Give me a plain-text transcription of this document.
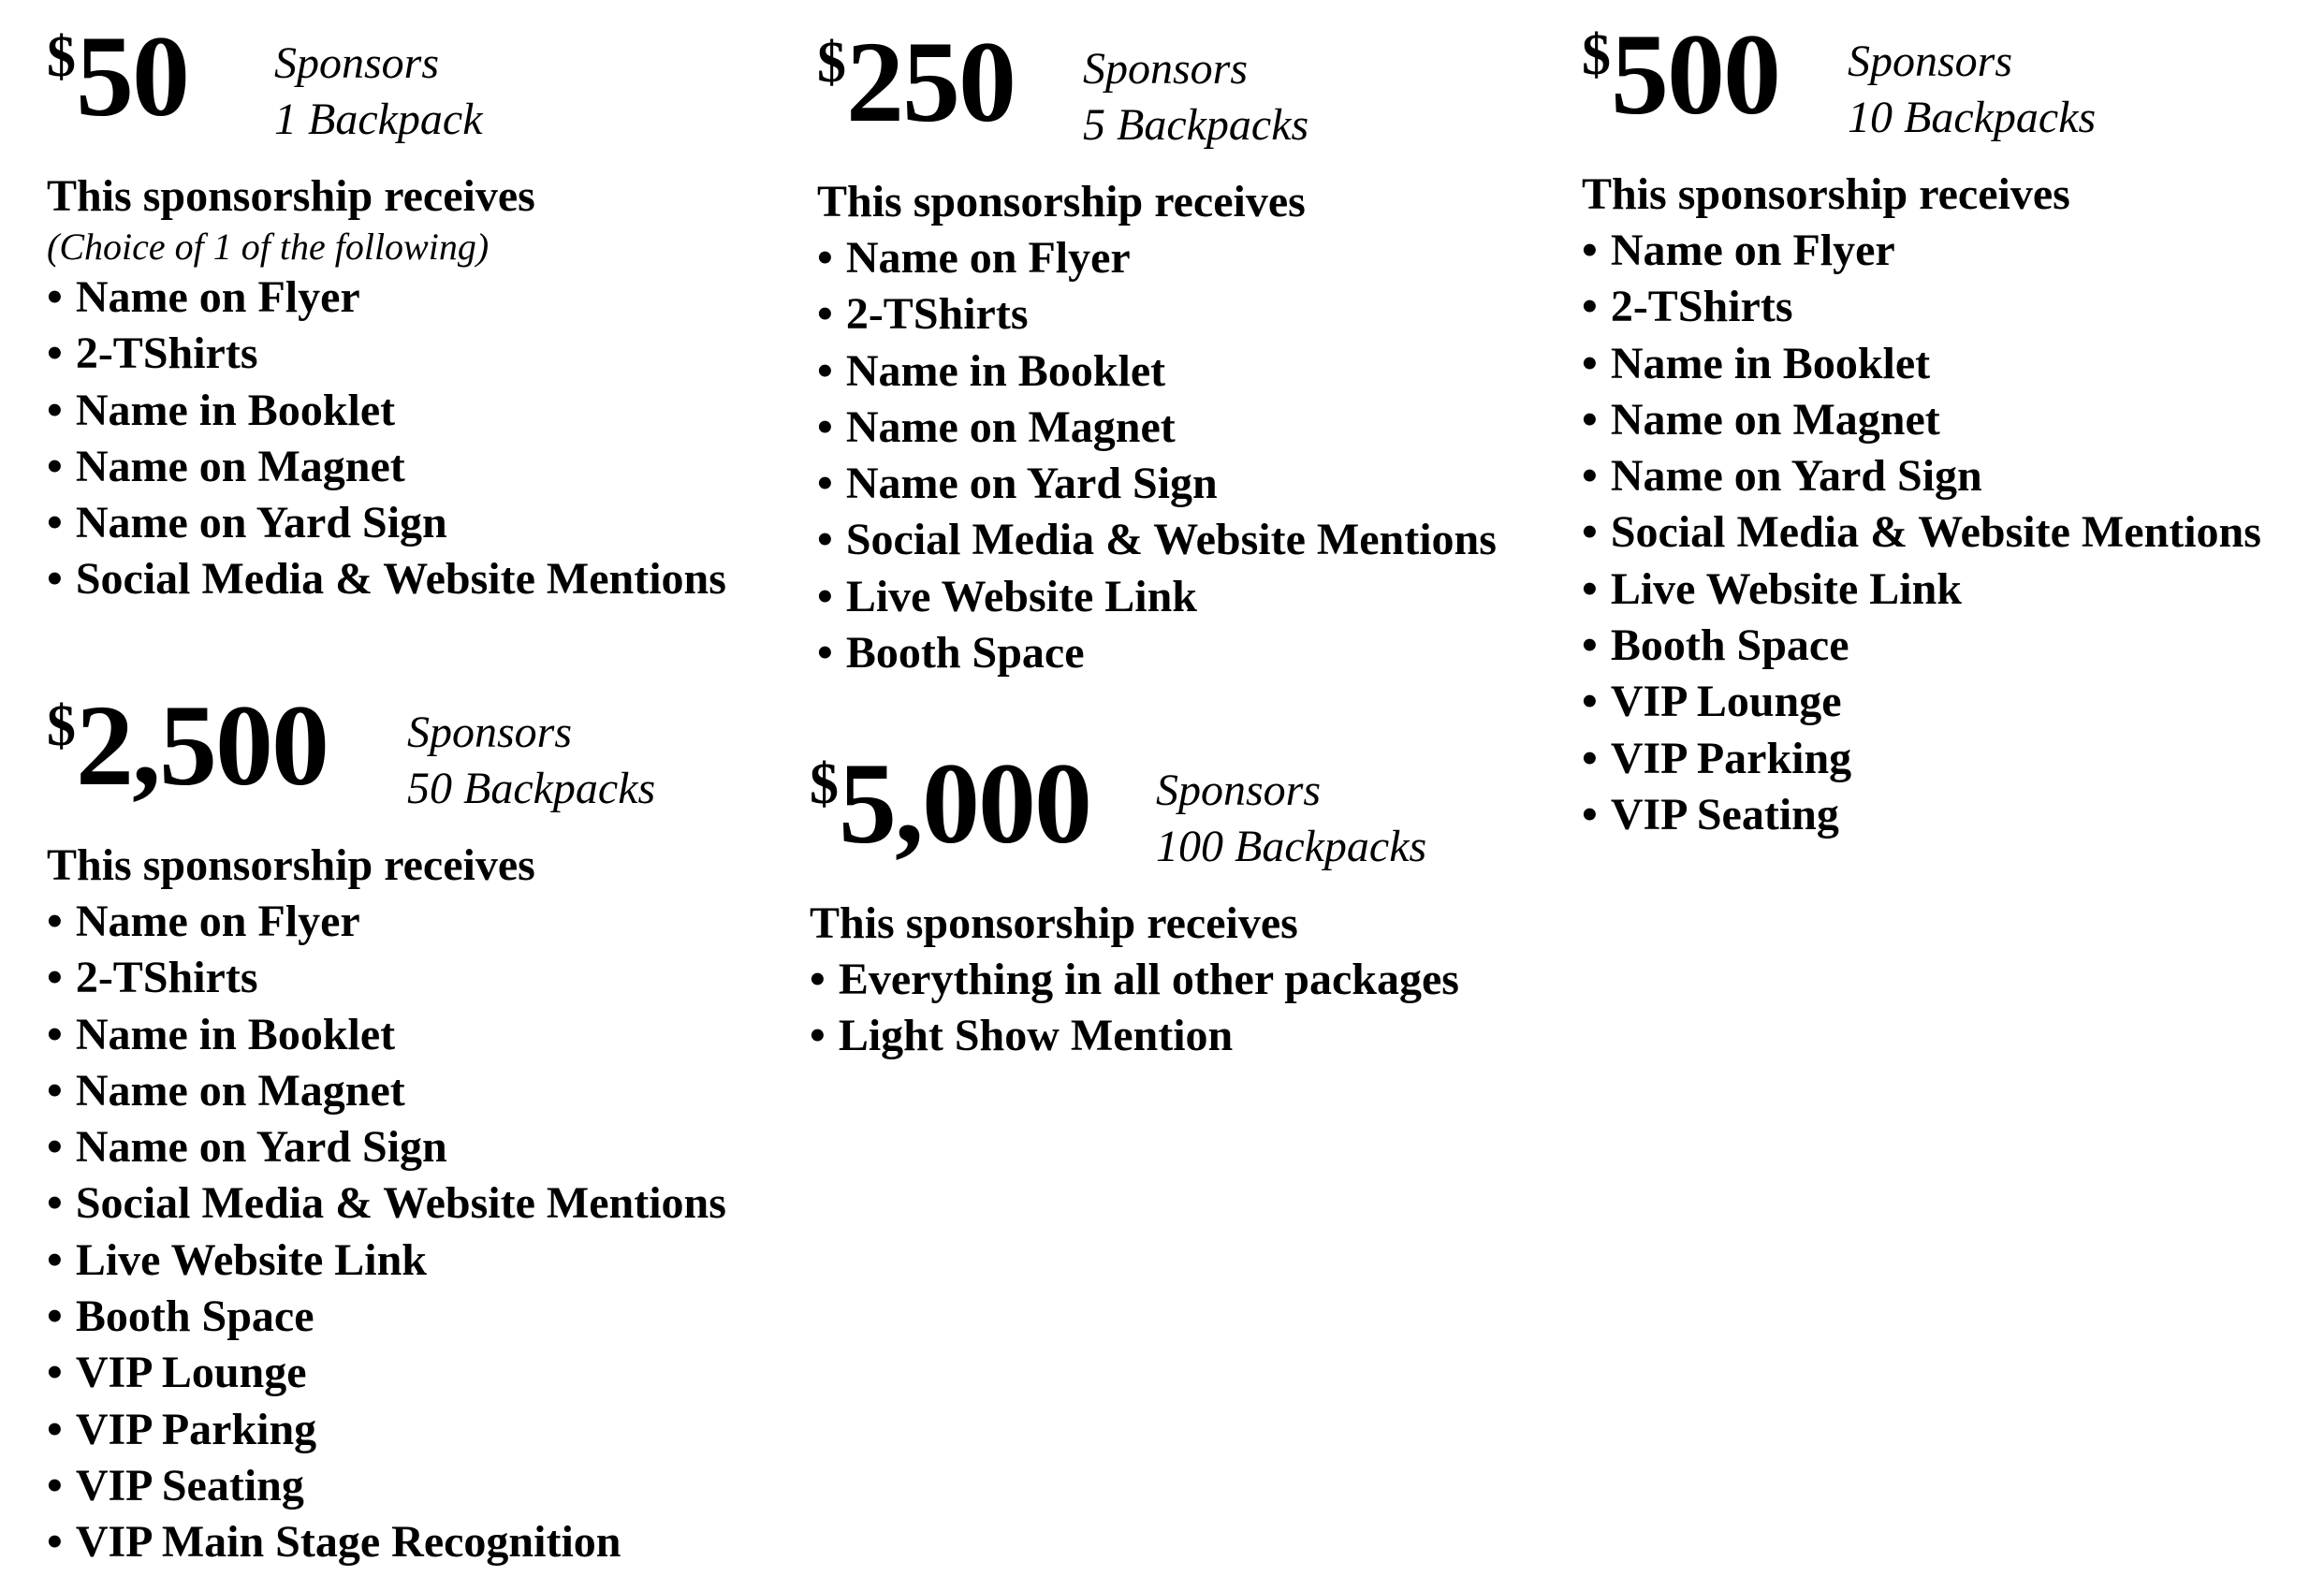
$50 Sponsors
1 Backpack
This sponsorship receives
(Choice of 1 of the following)
• Name on Flyer
• 2-TShirts
• Name in Booklet
• Name on Magnet
• Name on Yard Sign
• Social Media & Website Mentions
$250 Sponsors
5 Backpacks
This sponsorship receives
• Name on Flyer
• 2-TShirts
• Name in Booklet
• Name on Magnet
• Name on Yard Sign
• Social Media & Website Mentions
• Live Website Link
• Booth Space
$500 Sponsors
10 Backpacks
This sponsorship receives
• Name on Flyer
• 2-TShirts
• Name in Booklet
• Name on Magnet
• Name on Yard Sign
• Social Media & Website Mentions
• Live Website Link
• Booth Space
• VIP Lounge
• VIP Parking
• VIP Seating
$2,500 Sponsors
50 Backpacks
This sponsorship receives
• Name on Flyer
• 2-TShirts
• Name in Booklet
• Name on Magnet
• Name on Yard Sign
• Social Media & Website Mentions
• Live Website Link
• Booth Space
• VIP Lounge
• VIP Parking
• VIP Seating
• VIP Main Stage Recognition
$5,000 Sponsors
100 Backpacks
This sponsorship receives
• Everything in all other packages
• Light Show Mention
